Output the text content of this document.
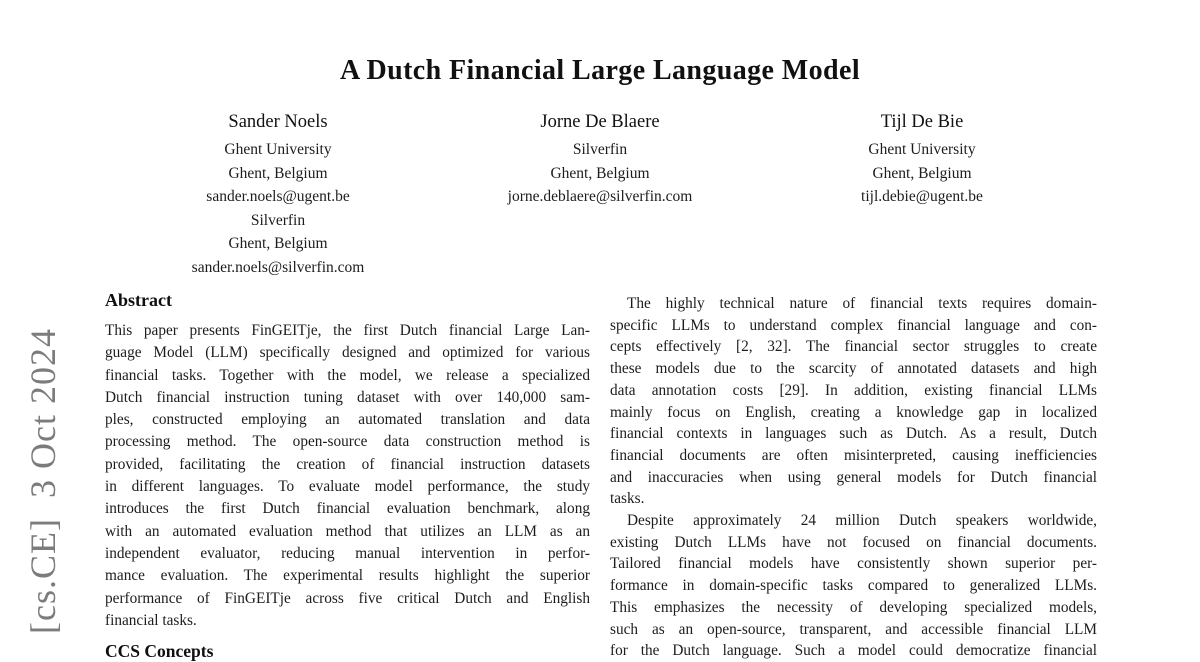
[cs.CE]  3 Oct 2024
A Dutch Financial Large Language Model
Sander Noels
Ghent University
Ghent, Belgium
sander.noels@ugent.be
Silverfin
Ghent, Belgium
sander.noels@silverfin.com
Jorne De Blaere
Silverfin
Ghent, Belgium
jorne.deblaere@silverfin.com
Tijl De Bie
Ghent University
Ghent, Belgium
tijl.debie@ugent.be
Abstract
This paper presents FinGEITje, the first Dutch financial Large Lan-
guage Model (LLM) specifically designed and optimized for various
financial tasks. Together with the model, we release a specialized
Dutch financial instruction tuning dataset with over 140,000 sam-
ples, constructed employing an automated translation and data
processing method. The open-source data construction method is
provided, facilitating the creation of financial instruction datasets
in different languages. To evaluate model performance, the study
introduces the first Dutch financial evaluation benchmark, along
with an automated evaluation method that utilizes an LLM as an
independent evaluator, reducing manual intervention in perfor-
mance evaluation. The experimental results highlight the superior
performance of FinGEITje across five critical Dutch and English
financial tasks.
CCS Concepts
The highly technical nature of financial texts requires domain-
specific LLMs to understand complex financial language and con-
cepts effectively [2, 32]. The financial sector struggles to create
these models due to the scarcity of annotated datasets and high
data annotation costs [29]. In addition, existing financial LLMs
mainly focus on English, creating a knowledge gap in localized
financial contexts in languages such as Dutch. As a result, Dutch
financial documents are often misinterpreted, causing inefficiencies
and inaccuracies when using general models for Dutch financial
tasks.
Despite approximately 24 million Dutch speakers worldwide,
existing Dutch LLMs have not focused on financial documents.
Tailored financial models have consistently shown superior per-
formance in domain-specific tasks compared to generalized LLMs.
This emphasizes the necessity of developing specialized models,
such as an open-source, transparent, and accessible financial LLM
for the Dutch language. Such a model could democratize financial
